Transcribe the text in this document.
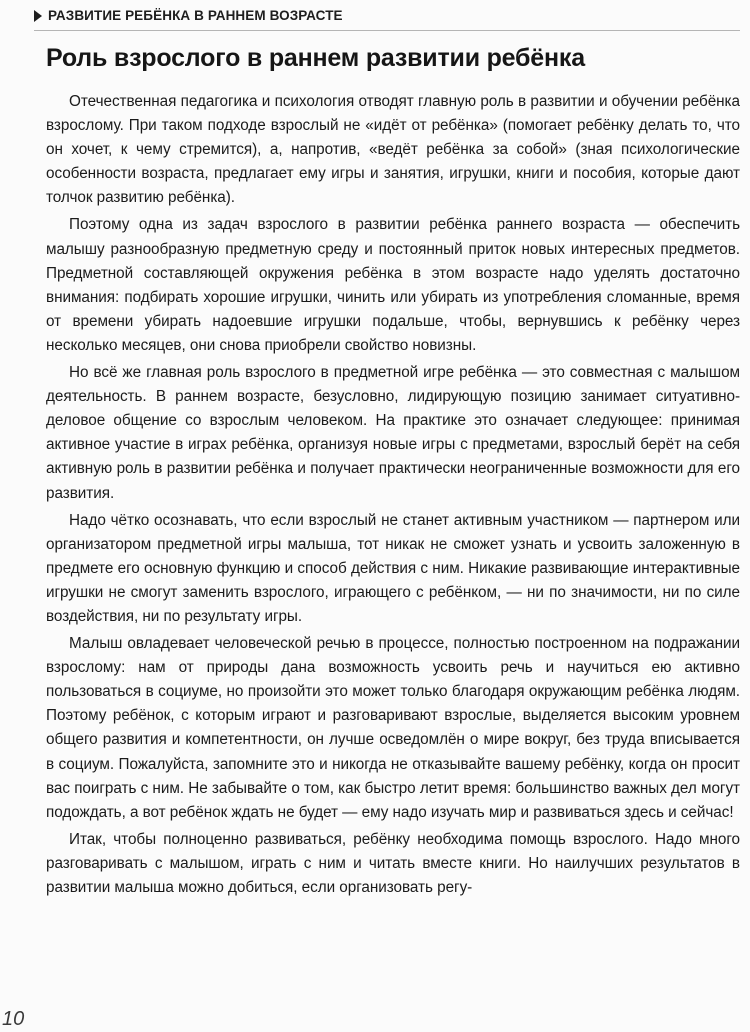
РАЗВИТИЕ РЕБЁНКА В РАННЕМ ВОЗРАСТЕ
Роль взрослого в раннем развитии ребёнка

Отечественная педагогика и психология отводят главную роль в развитии и обучении ребёнка взрослому. При таком подходе взрослый не «идёт от ребёнка» (помогает ребёнку делать то, что он хочет, к чему стремится), а, напротив, «ведёт ребёнка за собой» (зная психологические особенности возраста, предлагает ему игры и занятия, игрушки, книги и пособия, которые дают толчок развитию ребёнка).

Поэтому одна из задач взрослого в развитии ребёнка раннего возраста — обеспечить малышу разнообразную предметную среду и постоянный приток новых интересных предметов. Предметной составляющей окружения ребёнка в этом возрасте надо уделять достаточно внимания: подбирать хорошие игрушки, чинить или убирать из употребления сломанные, время от времени убирать надоевшие игрушки подальше, чтобы, вернувшись к ребёнку через несколько месяцев, они снова приобрели свойство новизны.

Но всё же главная роль взрослого в предметной игре ребёнка — это совместная с малышом деятельность. В раннем возрасте, безусловно, лидирующую позицию занимает ситуативно-деловое общение со взрослым человеком. На практике это означает следующее: принимая активное участие в играх ребёнка, организуя новые игры с предметами, взрослый берёт на себя активную роль в развитии ребёнка и получает практически неограниченные возможности для его развития.

Надо чётко осознавать, что если взрослый не станет активным участником — партнером или организатором предметной игры малыша, тот никак не сможет узнать и усвоить заложенную в предмете его основную функцию и способ действия с ним. Никакие развивающие интерактивные игрушки не смогут заменить взрослого, играющего с ребёнком, — ни по значимости, ни по силе воздействия, ни по результату игры.

Малыш овладевает человеческой речью в процессе, полностью построенном на подражании взрослому: нам от природы дана возможность усвоить речь и научиться ею активно пользоваться в социуме, но произойти это может только благодаря окружающим ребёнка людям. Поэтому ребёнок, с которым играют и разговаривают взрослые, выделяется высоким уровнем общего развития и компетентности, он лучше осведомлён о мире вокруг, без труда вписывается в социум. Пожалуйста, запомните это и никогда не отказывайте вашему ребёнку, когда он просит вас поиграть с ним. Не забывайте о том, как быстро летит время: большинство важных дел могут подождать, а вот ребёнок ждать не будет — ему надо изучать мир и развиваться здесь и сейчас!

Итак, чтобы полноценно развиваться, ребёнку необходима помощь взрослого. Надо много разговаривать с малышом, играть с ним и читать вместе книги. Но наилучших результатов в развитии малыша можно добиться, если организовать регу-

10
